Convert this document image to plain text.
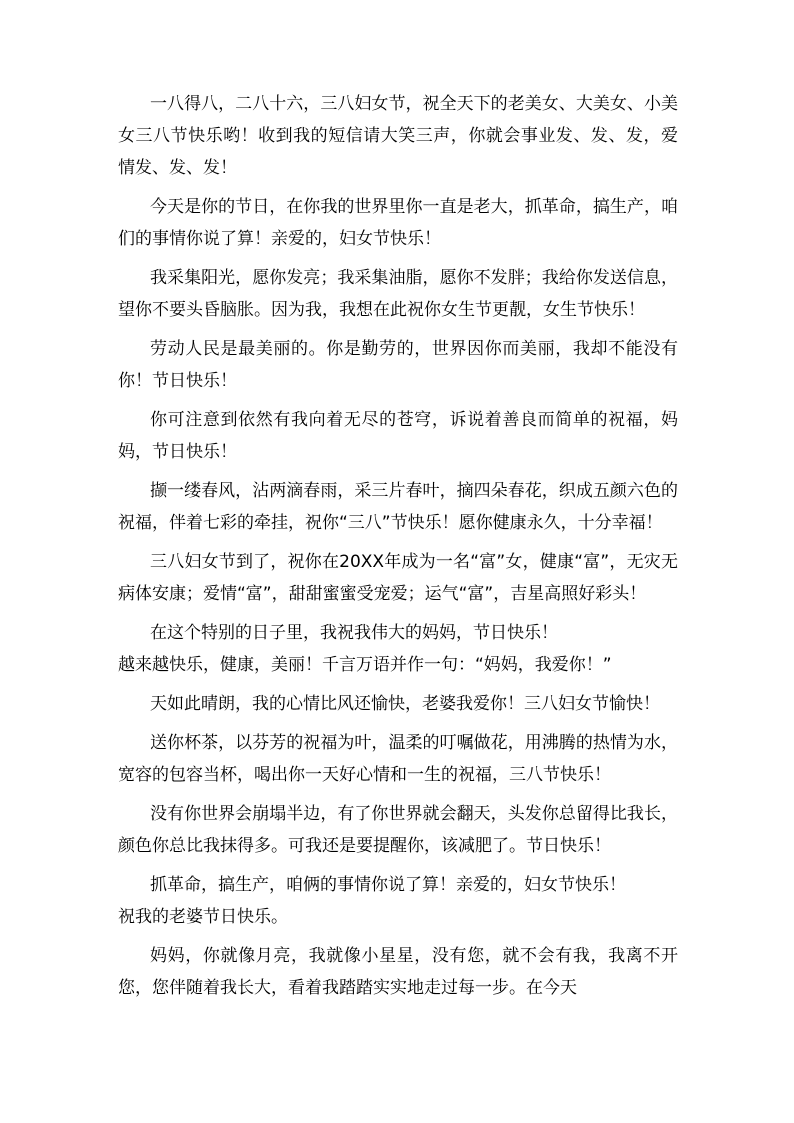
一八得八，二八十六，三八妇女节，祝全天下的老美女、大美女、小美女三八节快乐哟！收到我的短信请大笑三声，你就会事业发、发、发，爱情发、发、发！

今天是你的节日，在你我的世界里你一直是老大，抓革命，搞生产，咱们的事情你说了算！亲爱的，妇女节快乐！

我采集阳光，愿你发亮；我采集油脂，愿你不发胖；我给你发送信息，望你不要头昏脑胀。因为我，我想在此祝你女生节更靓，女生节快乐！

劳动人民是最美丽的。你是勤劳的，世界因你而美丽，我却不能没有你！节日快乐！

你可注意到依然有我向着无尽的苍穹，诉说着善良而简单的祝福，妈妈，节日快乐！

撷一缕春风，沾两滴春雨，采三片春叶，摘四朵春花，织成五颜六色的祝福，伴着七彩的牵挂，祝你“三八”节快乐！愿你健康永久，十分幸福！

三八妇女节到了，祝你在20XX年成为一名“富”女，健康“富”，无灾无病体安康；爱情“富”，甜甜蜜蜜受宠爱；运气“富”，吉星高照好彩头！

在这个特别的日子里，我祝我伟大的妈妈，节日快乐！

越来越快乐，健康，美丽！千言万语并作一句：“妈妈，我爱你！”

天如此晴朗，我的心情比风还愉快，老婆我爱你！三八妇女节愉快！

送你杯茶，以芬芳的祝福为叶，温柔的叮嘱做花，用沸腾的热情为水，宽容的包容当杯，喝出你一天好心情和一生的祝福，三八节快乐！

没有你世界会崩塌半边，有了你世界就会翻天，头发你总留得比我长，颜色你总比我抹得多。可我还是要提醒你，该减肥了。节日快乐！

抓革命，搞生产，咱俩的事情你说了算！亲爱的，妇女节快乐！

祝我的老婆节日快乐。

妈妈，你就像月亮，我就像小星星，没有您，就不会有我，我离不开您，您伴随着我长大，看着我踏踏实实地走过每一步。在今天
